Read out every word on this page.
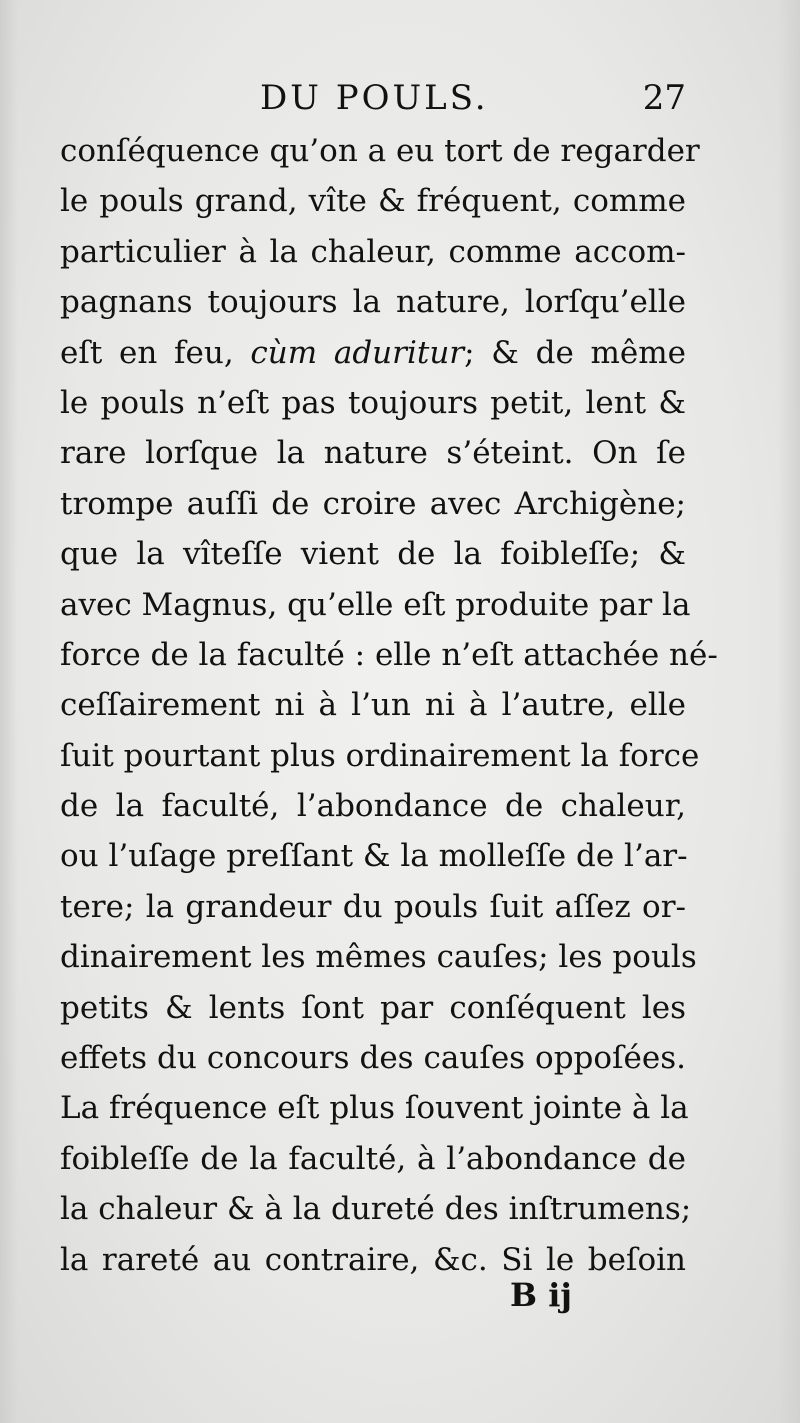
DU POULS.	27
conſéquence qu’on a eu tort de regarder
le pouls grand, vîte & fréquent, comme
particulier à la chaleur, comme accom-
pagnans toujours la nature, lorſqu’elle
eſt en feu, cùm aduritur; & de même
le pouls n’eſt pas toujours petit, lent &
rare lorſque la nature s’éteint. On ſe
trompe auſſi de croire avec Archigène;
que la vîteſſe vient de la foibleſſe; &
avec Magnus, qu’elle eſt produite par la
force de la faculté : elle n’eſt attachée né-
ceſſairement ni à l’un ni à l’autre, elle
ſuit pourtant plus ordinairement la force
de la faculté, l’abondance de chaleur,
ou l’uſage preſſant & la molleſſe de l’ar-
tere; la grandeur du pouls ſuit aſſez or-
dinairement les mêmes cauſes; les pouls
petits & lents ſont par conſéquent les
effets du concours des cauſes oppoſées.
La fréquence eſt plus ſouvent jointe à la
foibleſſe de la faculté, à l’abondance de
la chaleur & à la dureté des inſtrumens;
la rareté au contraire, &c. Si le beſoin
B ij
